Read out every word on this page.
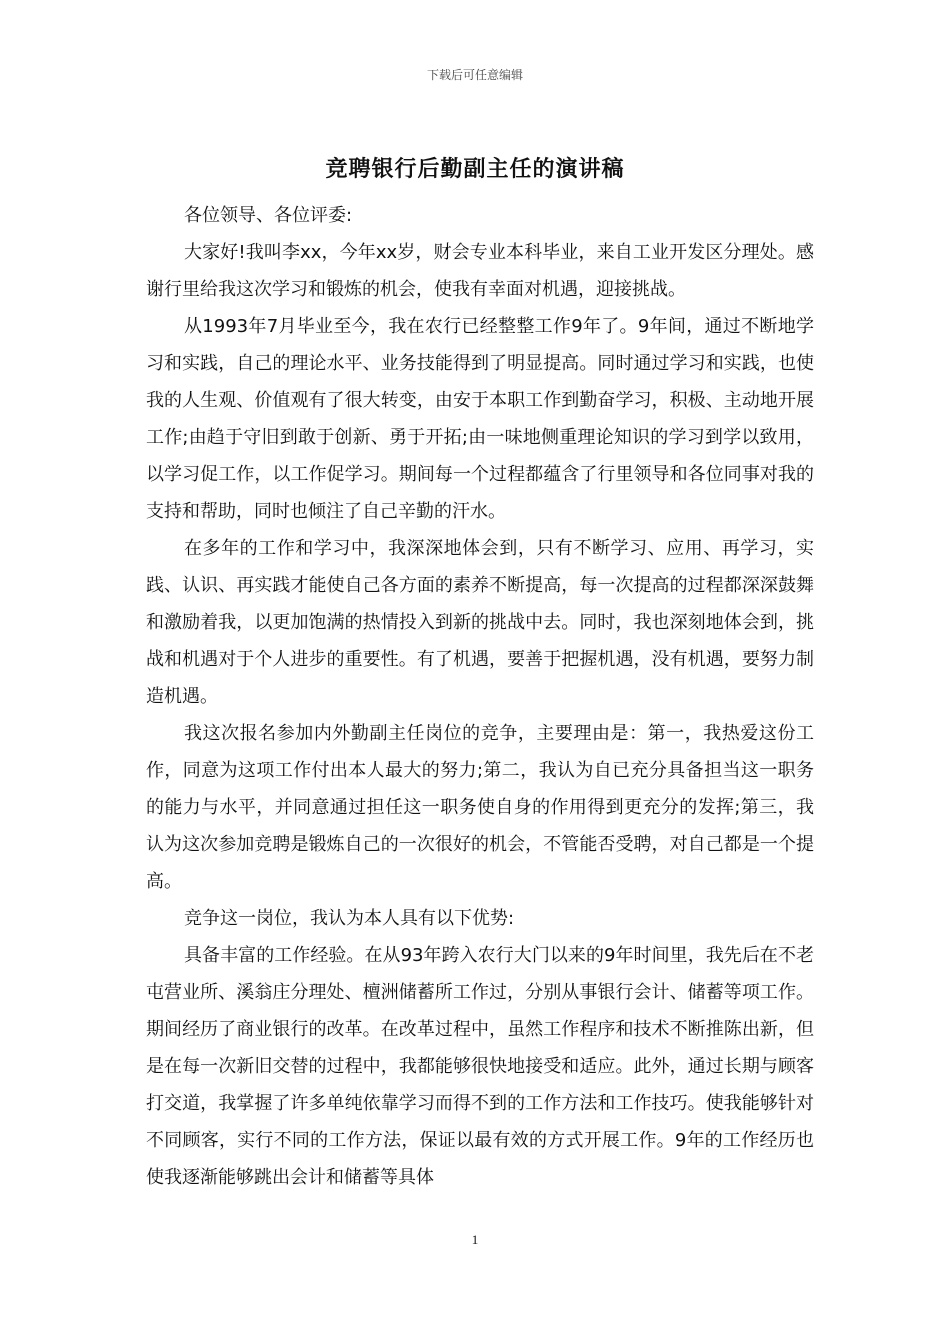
下载后可任意编辑
竞聘银行后勤副主任的演讲稿

各位领导、各位评委:

大家好!我叫李xx，今年xx岁，财会专业本科毕业，来自工业开发区分理处。感谢行里给我这次学习和锻炼的机会，使我有幸面对机遇，迎接挑战。

从1993年7月毕业至今，我在农行已经整整工作9年了。9年间，通过不断地学习和实践，自己的理论水平、业务技能得到了明显提高。同时通过学习和实践，也使我的人生观、价值观有了很大转变，由安于本职工作到勤奋学习，积极、主动地开展工作;由趋于守旧到敢于创新、勇于开拓;由一味地侧重理论知识的学习到学以致用，以学习促工作，以工作促学习。期间每一个过程都蕴含了行里领导和各位同事对我的支持和帮助，同时也倾注了自己辛勤的汗水。

在多年的工作和学习中，我深深地体会到，只有不断学习、应用、再学习，实践、认识、再实践才能使自己各方面的素养不断提高，每一次提高的过程都深深鼓舞和激励着我，以更加饱满的热情投入到新的挑战中去。同时，我也深刻地体会到，挑战和机遇对于个人进步的重要性。有了机遇，要善于把握机遇，没有机遇，要努力制造机遇。

我这次报名参加内外勤副主任岗位的竞争，主要理由是：第一，我热爱这份工作，同意为这项工作付出本人最大的努力;第二，我认为自已充分具备担当这一职务的能力与水平，并同意通过担任这一职务使自身的作用得到更充分的发挥;第三，我认为这次参加竞聘是锻炼自己的一次很好的机会，不管能否受聘，对自己都是一个提高。

竞争这一岗位，我认为本人具有以下优势:

具备丰富的工作经验。在从93年跨入农行大门以来的9年时间里，我先后在不老屯营业所、溪翁庄分理处、檀洲储蓄所工作过，分别从事银行会计、储蓄等项工作。期间经历了商业银行的改革。在改革过程中，虽然工作程序和技术不断推陈出新，但是在每一次新旧交替的过程中，我都能够很快地接受和适应。此外，通过长期与顾客打交道，我掌握了许多单纯依靠学习而得不到的工作方法和工作技巧。使我能够针对不同顾客，实行不同的工作方法，保证以最有效的方式开展工作。9年的工作经历也使我逐渐能够跳出会计和储蓄等具体

1
